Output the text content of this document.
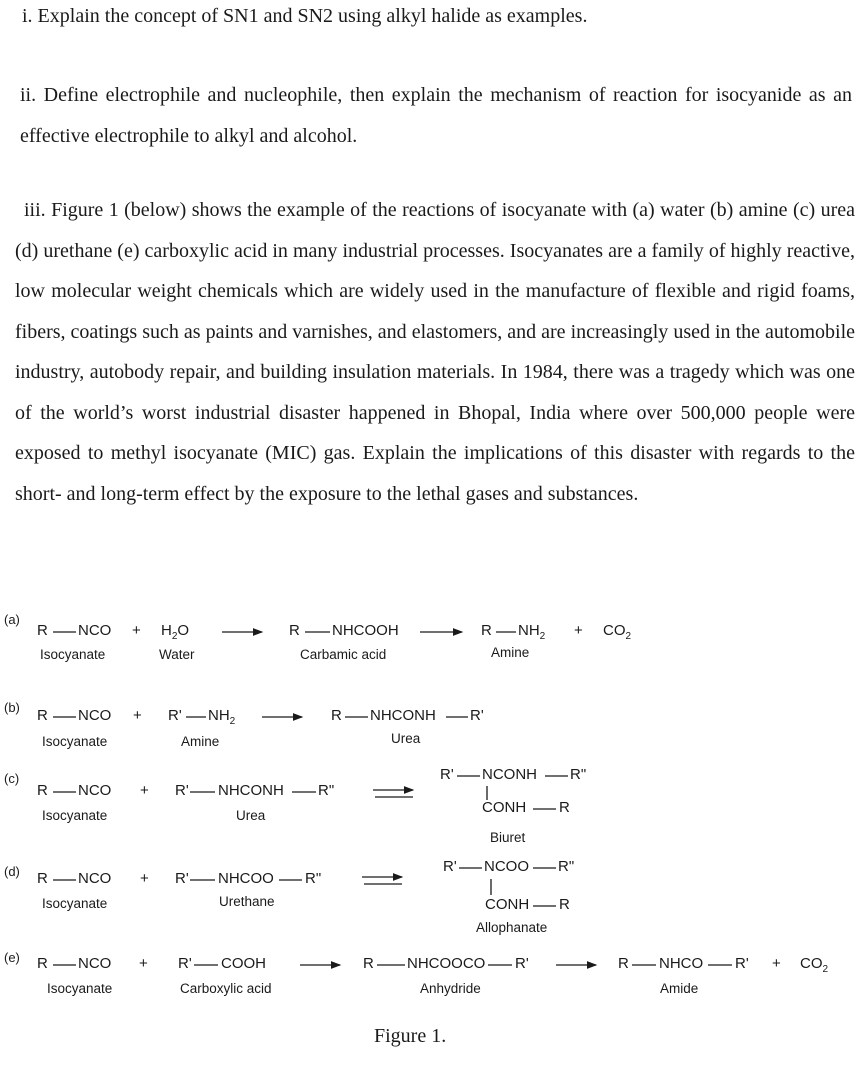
i. Explain the concept of SN1 and SN2 using alkyl halide as examples.
ii. Define electrophile and nucleophile, then explain the mechanism of reaction for isocyanide as an effective electrophile to alkyl and alcohol.
iii. Figure 1 (below) shows the example of the reactions of isocyanate with (a) water (b) amine (c) urea (d) urethane (e) carboxylic acid in many industrial processes. Isocyanates are a family of highly reactive, low molecular weight chemicals which are widely used in the manufacture of flexible and rigid foams, fibers, coatings such as paints and varnishes, and elastomers, and are increasingly used in the automobile industry, autobody repair, and building insulation materials. In 1984, there was a tragedy which was one of the world’s worst industrial disaster happened in Bhopal, India where over 500,000 people were exposed to methyl isocyanate (MIC) gas. Explain the implications of this disaster with regards to the short- and long-term effect by the exposure to the lethal gases and substances.
(a)
R NCO
Isocyanate
+ $H_2O$
Water
R NHCOOH
Carbamic acid
R $NH_2$
Amine
+ $CO_2$
(b) R NCO
Isocyanate
+ R' $NH_2$
Amine
R NHCONH R'
Urea
(c)
R NCO
Isocyanate
+ R' NHCONH R"
Urea
R' NCONH R"
CONH R
Biuret
(d) R NCO
Isocyanate
+ R' NHCOO R"
Urethane
R' NCOO R"
CONH R
Allophanate
(e) R NCO
Isocyanate
+ R' COOH
Carboxylic acid
R NHCOOCO R'
Anhydride
R NHCO R'
Amide
+ $CO_2$
Figure 1.
